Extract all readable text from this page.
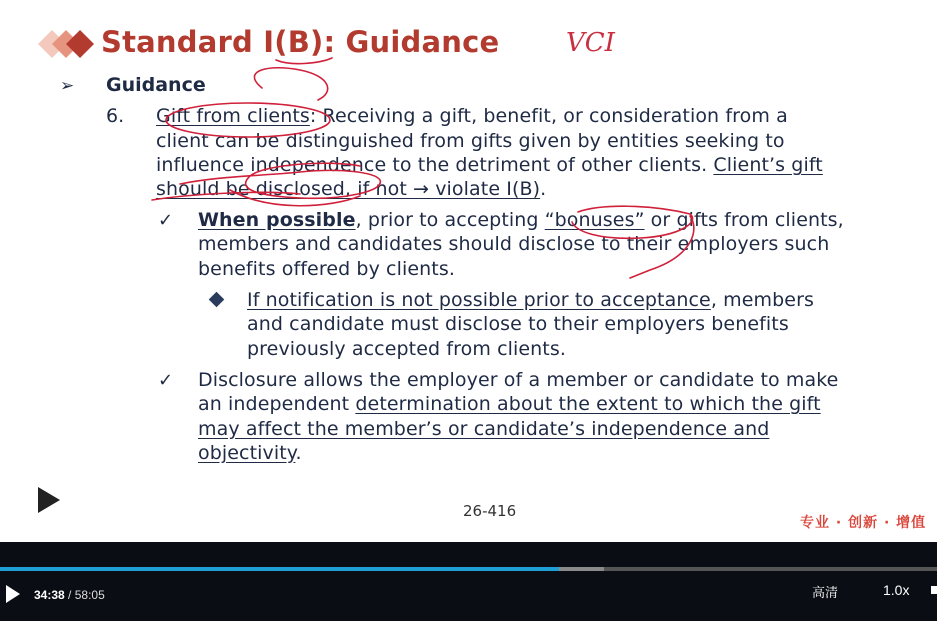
Standard I(B): Guidance	VCI
➢ Guidance
6. Gift from clients: Receiving a gift, benefit, or consideration from a
client can be distinguished from gifts given by entities seeking to
influence independence to the detriment of other clients. Client’s gift
should be disclosed, if not → violate I(B).
✓ When possible, prior to accepting “bonuses” or gifts from clients,
members and candidates should disclose to their employers such
benefits offered by clients.
If notification is not possible prior to acceptance, members
and candidate must disclose to their employers benefits
previously accepted from clients.
✓ Disclosure allows the employer of a member or candidate to make
an independent determination about the extent to which the gift
may affect the member’s or candidate’s independence and
objectivity.
26-416
专业 · 创新 · 增值
34:38 / 58:05	高清	1.0x
